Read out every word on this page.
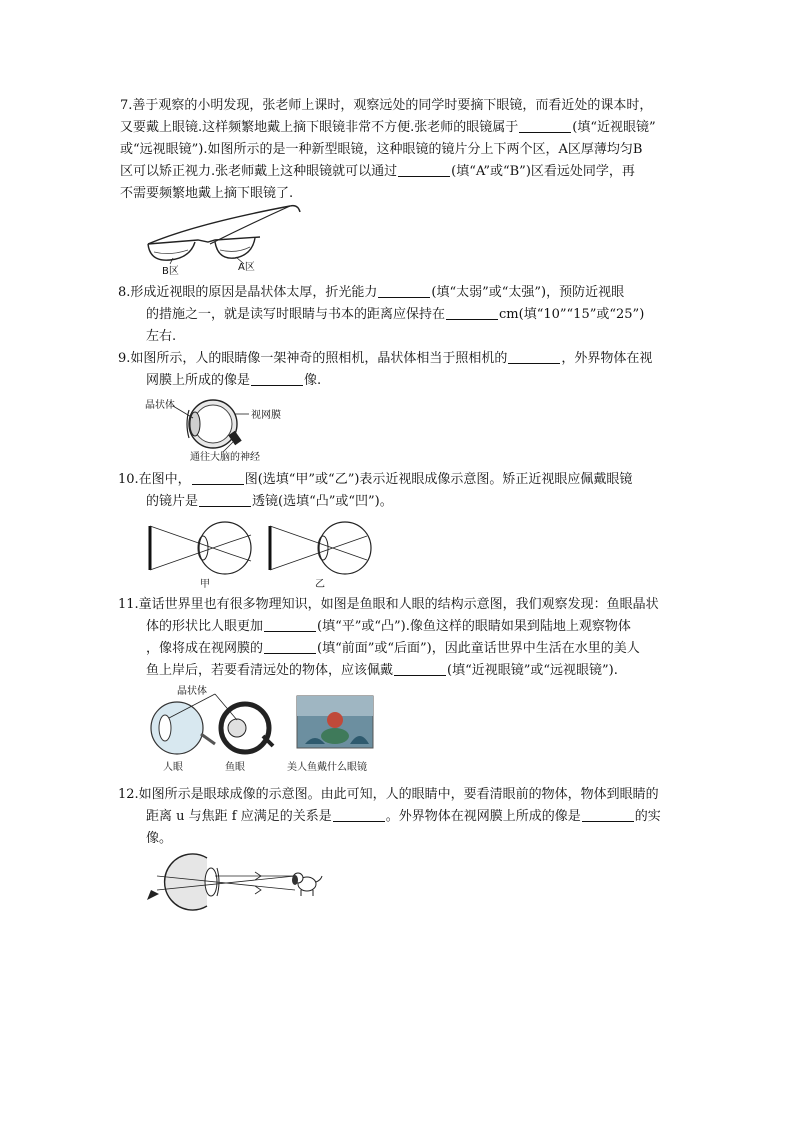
7.善于观察的小明发现，张老师上课时，观察远处的同学时要摘下眼镜，而看近处的课本时，
又要戴上眼镜.这样频繁地戴上摘下眼镜非常不方便.张老师的眼镜属于	(填“近视眼镜”
或“远视眼镜”).如图所示的是一种新型眼镜，这种眼镜的镜片分上下两个区，A区厚薄均匀B
区可以矫正视力.张老师戴上这种眼镜就可以通过	(填“A”或“B”)区看远处同学，再
不需要频繁地戴上摘下眼镜了.
B区	A区
8.形成近视眼的原因是晶状体太厚，折光能力	(填“太弱”或“太强”)，预防近视眼
的措施之一，就是读写时眼睛与书本的距离应保持在	cm(填“10”“15”或“25”)
左右.
9.如图所示，人的眼睛像一架神奇的照相机，晶状体相当于照相机的	，外界物体在视
网膜上所成的像是	像.
晶状体
视网膜
通往大脑的神经
10.在图中，	图(选填“甲”或“乙”)表示近视眼成像示意图。矫正近视眼应佩戴眼镜
的镜片是	透镜(选填“凸”或“凹”)。
甲	乙
11.童话世界里也有很多物理知识，如图是鱼眼和人眼的结构示意图，我们观察发现：鱼眼晶状
体的形状比人眼更加	(填“平”或“凸”).像鱼这样的眼睛如果到陆地上观察物体
，像将成在视网膜的	(填“前面”或“后面”)，因此童话世界中生活在水里的美人
鱼上岸后，若要看清远处的物体，应该佩戴	(填“近视眼镜”或“远视眼镜”).
晶状体
人眼	鱼眼	美人鱼戴什么眼镜
12.如图所示是眼球成像的示意图。由此可知，人的眼睛中，要看清眼前的物体，物体到眼睛的
距离 u 与焦距 f 应满足的关系是	。外界物体在视网膜上所成的像是	的实
像。
